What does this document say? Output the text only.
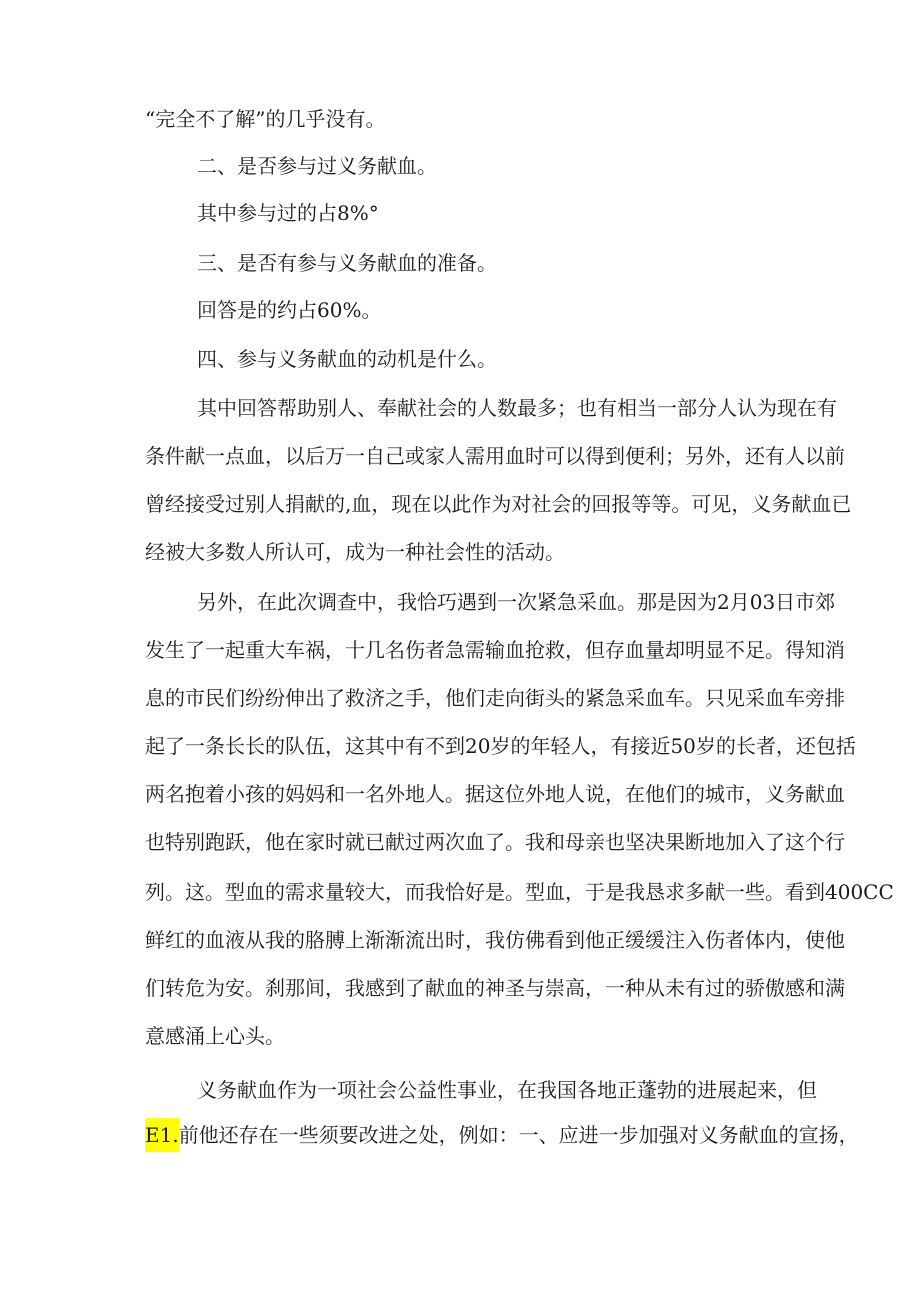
“完全不了解”的几乎没有。
二、是否参与过义务献血。
其中参与过的占8%°
三、是否有参与义务献血的准备。
回答是的约占60%。
四、参与义务献血的动机是什么。
其中回答帮助别人、奉献社会的人数最多；也有相当一部分人认为现在有
条件献一点血，以后万一自己或家人需用血时可以得到便利；另外，还有人以前
曾经接受过别人捐献的,血，现在以此作为对社会的回报等等。可见，义务献血已
经被大多数人所认可，成为一种社会性的活动。
另外，在此次调查中，我恰巧遇到一次紧急采血。那是因为2月03日市郊
发生了一起重大车祸，十几名伤者急需输血抢救，但存血量却明显不足。得知消
息的市民们纷纷伸出了救济之手，他们走向街头的紧急采血车。只见采血车旁排
起了一条长长的队伍，这其中有不到20岁的年轻人，有接近50岁的长者，还包括
两名抱着小孩的妈妈和一名外地人。据这位外地人说，在他们的城市，义务献血
也特别跑跃，他在家时就已献过两次血了。我和母亲也坚决果断地加入了这个行
列。这。型血的需求量较大，而我恰好是。型血，于是我恳求多献一些。看到400CC
鲜红的血液从我的胳膊上渐渐流出时，我仿佛看到他正缓缓注入伤者体内，使他
们转危为安。刹那间，我感到了献血的神圣与崇高，一种从未有过的骄傲感和满
意感涌上心头。
义务献血作为一项社会公益性事业，在我国各地正蓬勃的进展起来，但
E1.前他还存在一些须要改进之处，例如：一、应进一步加强对义务献血的宣扬，
